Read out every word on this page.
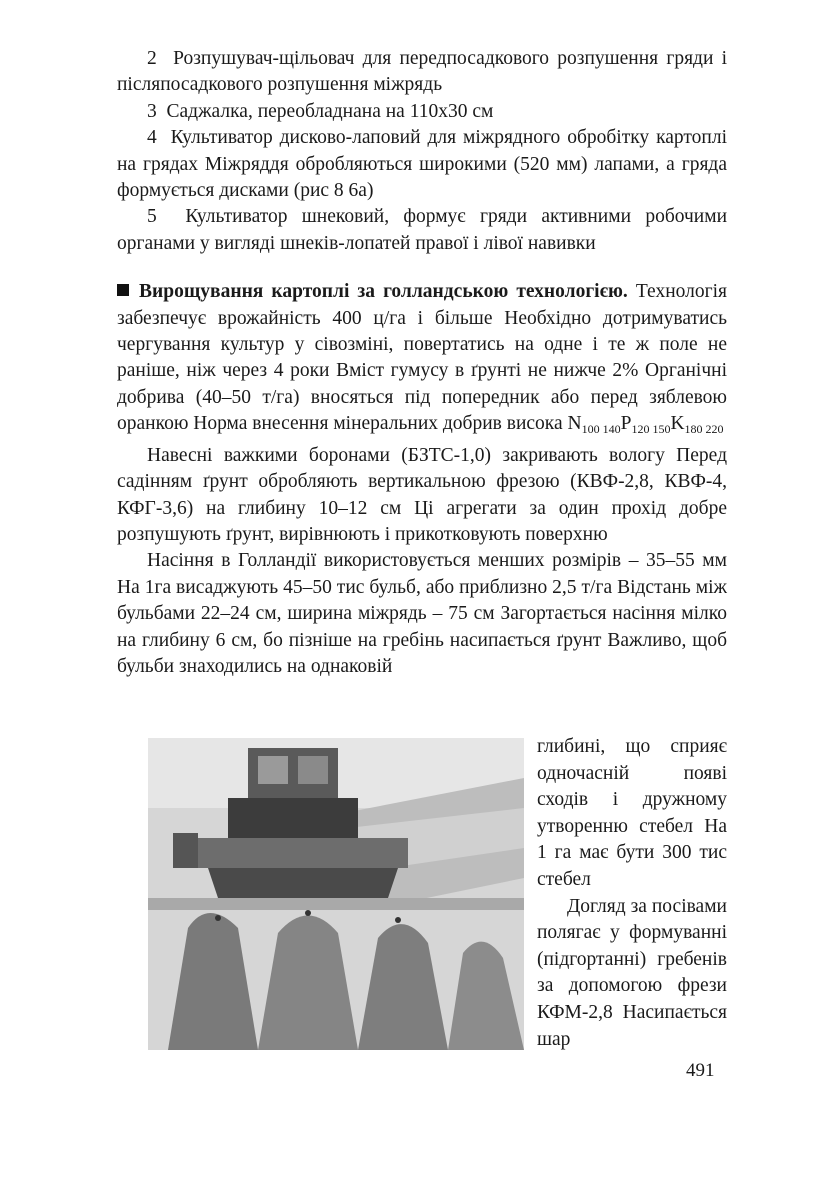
2 Розпушувач-щільовач для передпосадкового розпушення гряди і післяпосадкового розпушення міжрядь

3 Саджалка, переобладнана на 110х30 см

4 Культиватор дисково-лаповий для міжрядного обробітку картоплі на грядах Міжряддя обробляються широкими (520 мм) лапами, а гряда формується дисками (рис 8 6а)

5 Культиватор шнековий, формує гряди активними робочими органами у вигляді шнеків-лопатей правої і лівої навивки

Вирощування картоплі за голландською технологією. Технологія забезпечує врожайність 400 ц/га і більше Необхідно дотримуватись чергування культур у сівозміні, повертатись на одне і те ж поле не раніше, ніж через 4 роки Вміст гумусу в ґрунті не нижче 2% Органічні добрива (40–50 т/га) вносяться під попередник або перед зяблевою оранкою Норма внесення мінеральних добрив висока $N_{100 140}P_{120 150}K_{180 220}$

Навесні важкими боронами (БЗТС-1,0) закривають вологу Перед садінням ґрунт обробляють вертикальною фрезою (КВФ-2,8, КВФ-4, КФГ-3,6) на глибину 10–12 см Ці агрегати за один прохід добре розпушують ґрунт, вирівнюють і прикотковують поверхню

Насіння в Голландії використовується менших розмірів – 35–55 мм На 1га висаджують 45–50 тис бульб, або приблизно 2,5 т/га Відстань між бульбами 22–24 см, ширина міжрядь – 75 см Загортається насіння мілко на глибину 6 см, бо пізніше на гребінь насипається ґрунт Важливо, щоб бульби знаходились на однаковій

глибині, що сприяє одночасній появі сходів і дружному утворенню стебел На 1 га має бути 300 тис стебел

Догляд за посівами полягає у формуванні (підгортанні) гребенів за допомогою фрези КФМ-2,8 Насипається шар

491
